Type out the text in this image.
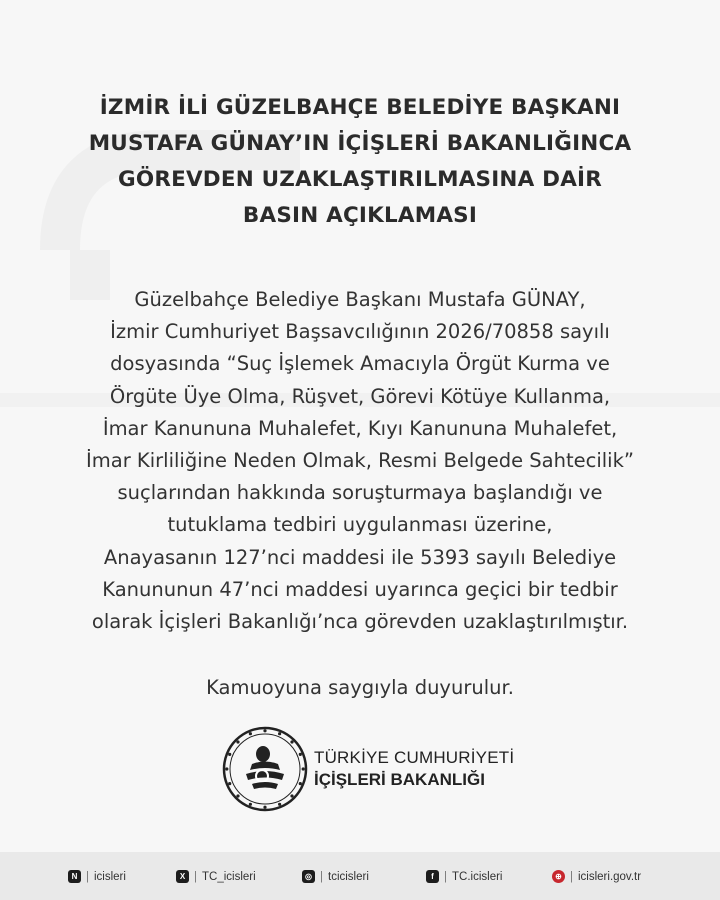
İZMİR İLİ GÜZELBAHÇE BELEDİYE BAŞKANI
MUSTAFA GÜNAY’IN İÇİŞLERİ BAKANLIĞINCA
GÖREVDEN UZAKLAŞTIRILMASINA DAİR
BASIN AÇIKLAMASI
Güzelbahçe Belediye Başkanı Mustafa GÜNAY,
İzmir Cumhuriyet Başsavcılığının 2026/70858 sayılı
dosyasında “Suç İşlemek Amacıyla Örgüt Kurma ve
Örgüte Üye Olma, Rüşvet, Görevi Kötüye Kullanma,
İmar Kanununa Muhalefet, Kıyı Kanununa Muhalefet,
İmar Kirliliğine Neden Olmak, Resmi Belgede Sahtecilik”
suçlarından hakkında soruşturmaya başlandığı ve
tutuklama tedbiri uygulanması üzerine,
Anayasanın 127’nci maddesi ile 5393 sayılı Belediye
Kanununun 47’nci maddesi uyarınca geçici bir tedbir
olarak İçişleri Bakanlığı’nca görevden uzaklaştırılmıştır.
Kamuoyuna saygıyla duyurulur.
TÜRKİYE CUMHURİYETİ
İÇİŞLERİ BAKANLIĞI
N | icisleri	X | TC_icisleri	◎ | tcicisleri	f | TC.icisleri	⊕ | icisleri.gov.tr
